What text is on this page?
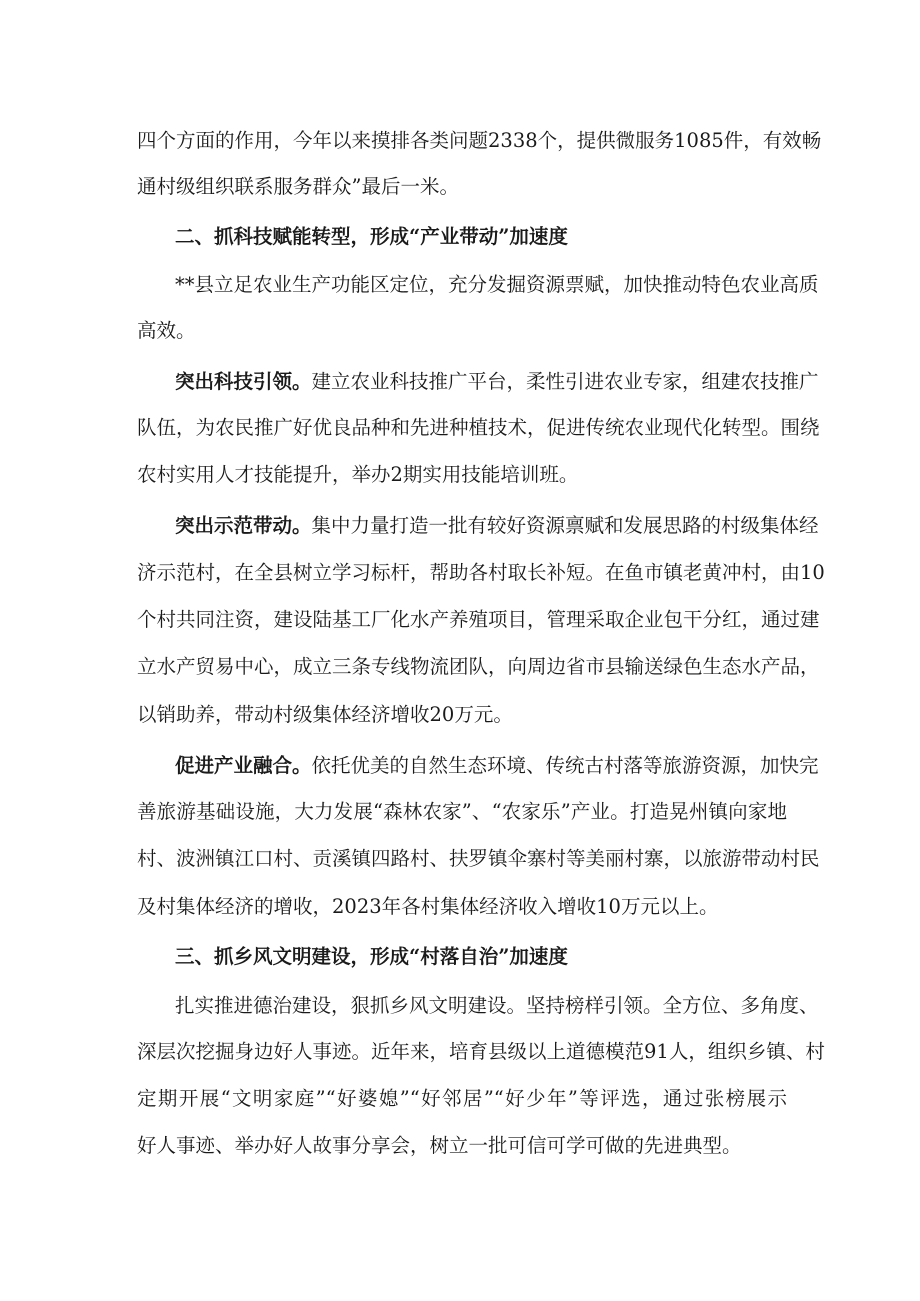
四个方面的作用，今年以来摸排各类问题2338个，提供微服务1085件，有效畅
通村级组织联系服务群众”最后一米。
二、抓科技赋能转型，形成“产业带动”加速度
**县立足农业生产功能区定位，充分发掘资源票赋，加快推动特色农业高质
高效。
突出科技引领。建立农业科技推广平台，柔性引进农业专家，组建农技推广
队伍，为农民推广好优良品种和先进种植技术，促进传统农业现代化转型。围绕
农村实用人才技能提升，举办2期实用技能培训班。
突出示范带动。集中力量打造一批有较好资源禀赋和发展思路的村级集体经
济示范村，在全县树立学习标杆，帮助各村取长补短。在鱼市镇老黄冲村，由10
个村共同注资，建设陆基工厂化水产养殖项目，管理采取企业包干分红，通过建
立水产贸易中心，成立三条专线物流团队，向周边省市县输送绿色生态水产品，
以销助养，带动村级集体经济增收20万元。
促进产业融合。依托优美的自然生态环境、传统古村落等旅游资源，加快完
善旅游基础设施，大力发展“森林农家”、“农家乐”产业。打造晃州镇向家地
村、波洲镇江口村、贡溪镇四路村、扶罗镇伞寨村等美丽村寨，以旅游带动村民
及村集体经济的增收，2023年各村集体经济收入增收10万元以上。
三、抓乡风文明建设，形成“村落自治”加速度
扎实推进德治建设，狠抓乡风文明建设。坚持榜样引领。全方位、多角度、
深层次挖掘身边好人事迹。近年来，培育县级以上道德模范91人，组织乡镇、村
定期开展“文明家庭”“好婆媳”“好邻居”“好少年”等评选，通过张榜展示
好人事迹、举办好人故事分享会，树立一批可信可学可做的先进典型。
